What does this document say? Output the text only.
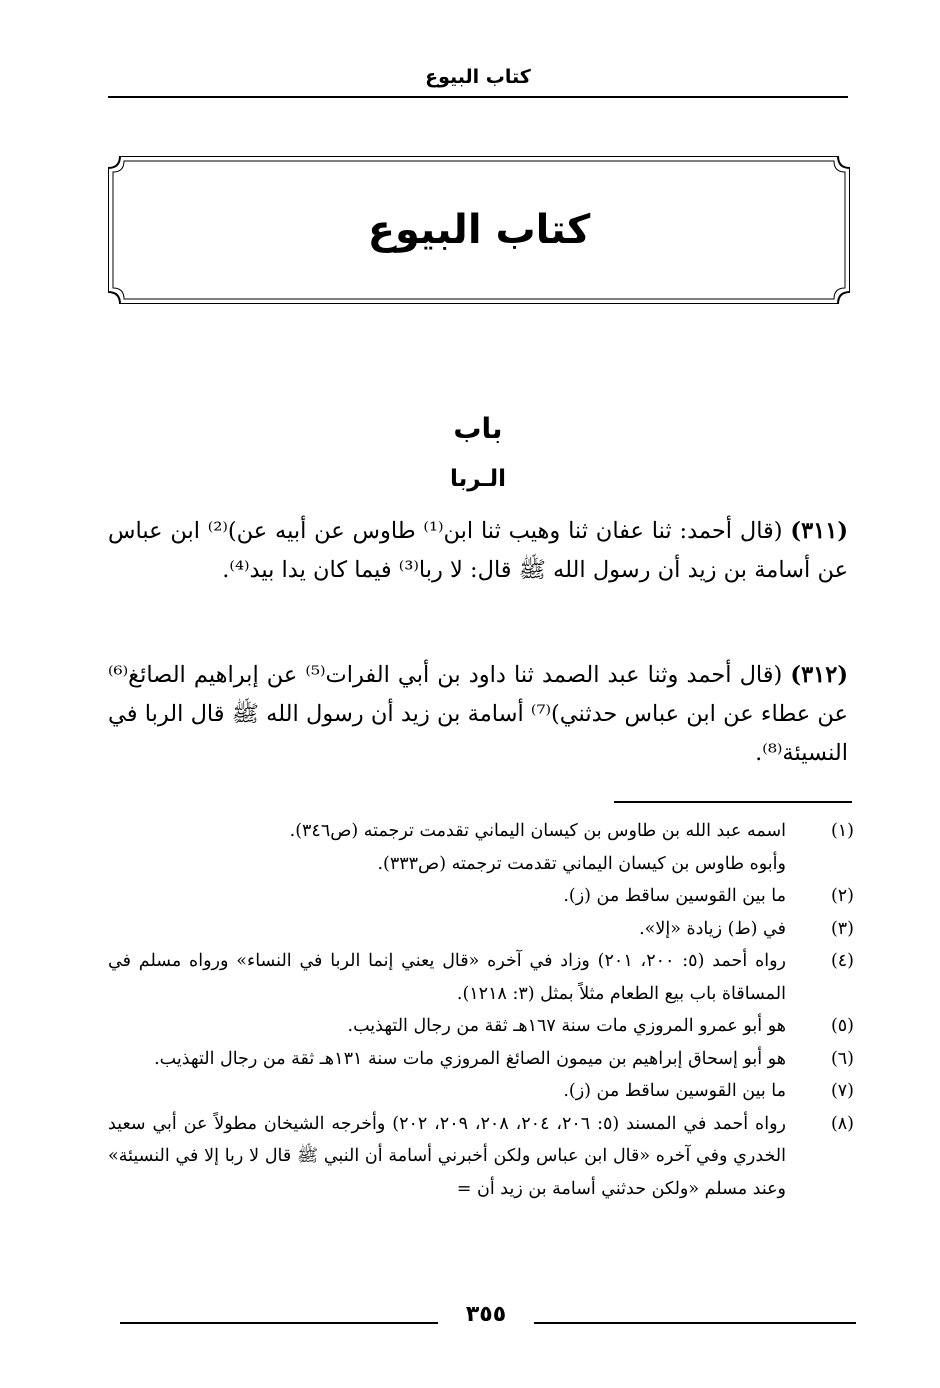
كتاب البيوع
كتاب البيوع
باب
الـربا
(٣١١) (قال أحمد: ثنا عفان ثنا وهيب ثنا ابن⁽¹⁾ طاوس عن أبيه عن)⁽²⁾ ابن عباس عن أسامة بن زيد أن رسول الله ﷺ قال: لا ربا⁽³⁾ فيما كان يدا بيد⁽⁴⁾.
(٣١٢) (قال أحمد وثنا عبد الصمد ثنا داود بن أبي الفرات⁽⁵⁾ عن إبراهيم الصائغ⁽⁶⁾ عن عطاء عن ابن عباس حدثني)⁽⁷⁾ أسامة بن زيد أن رسول الله ﷺ قال الربا في النسيئة⁽⁸⁾.
(١)
اسمه عبد الله بن طاوس بن كيسان اليماني تقدمت ترجمته (ص٣٤٦).
وأبوه طاوس بن كيسان اليماني تقدمت ترجمته (ص٣٣٣).
(٢)
ما بين القوسين ساقط من (ز).
(٣)
في (ط) زيادة «إلا».
(٤)
رواه أحمد (٥: ٢٠٠، ٢٠١) وزاد في آخره «قال يعني إنما الربا في النساء» ورواه مسلم في المساقاة باب بيع الطعام مثلاً بمثل (٣: ١٢١٨).
(٥)
هو أبو عمرو المروزي مات سنة ١٦٧هـ ثقة من رجال التهذيب.
(٦)
هو أبو إسحاق إبراهيم بن ميمون الصائغ المروزي مات سنة ١٣١هـ ثقة من رجال التهذيب.
(٧)
ما بين القوسين ساقط من (ز).
(٨)
رواه أحمد في المسند (٥: ٢٠٦، ٢٠٤، ٢٠٨، ٢٠٩، ٢٠٢) وأخرجه الشيخان مطولاً عن أبي سعيد الخدري وفي آخره «قال ابن عباس ولكن أخبرني أسامة أن النبي ﷺ قال لا ربا إلا في النسيئة» وعند مسلم «ولكن حدثني أسامة بن زيد أن =
٣٥٥
